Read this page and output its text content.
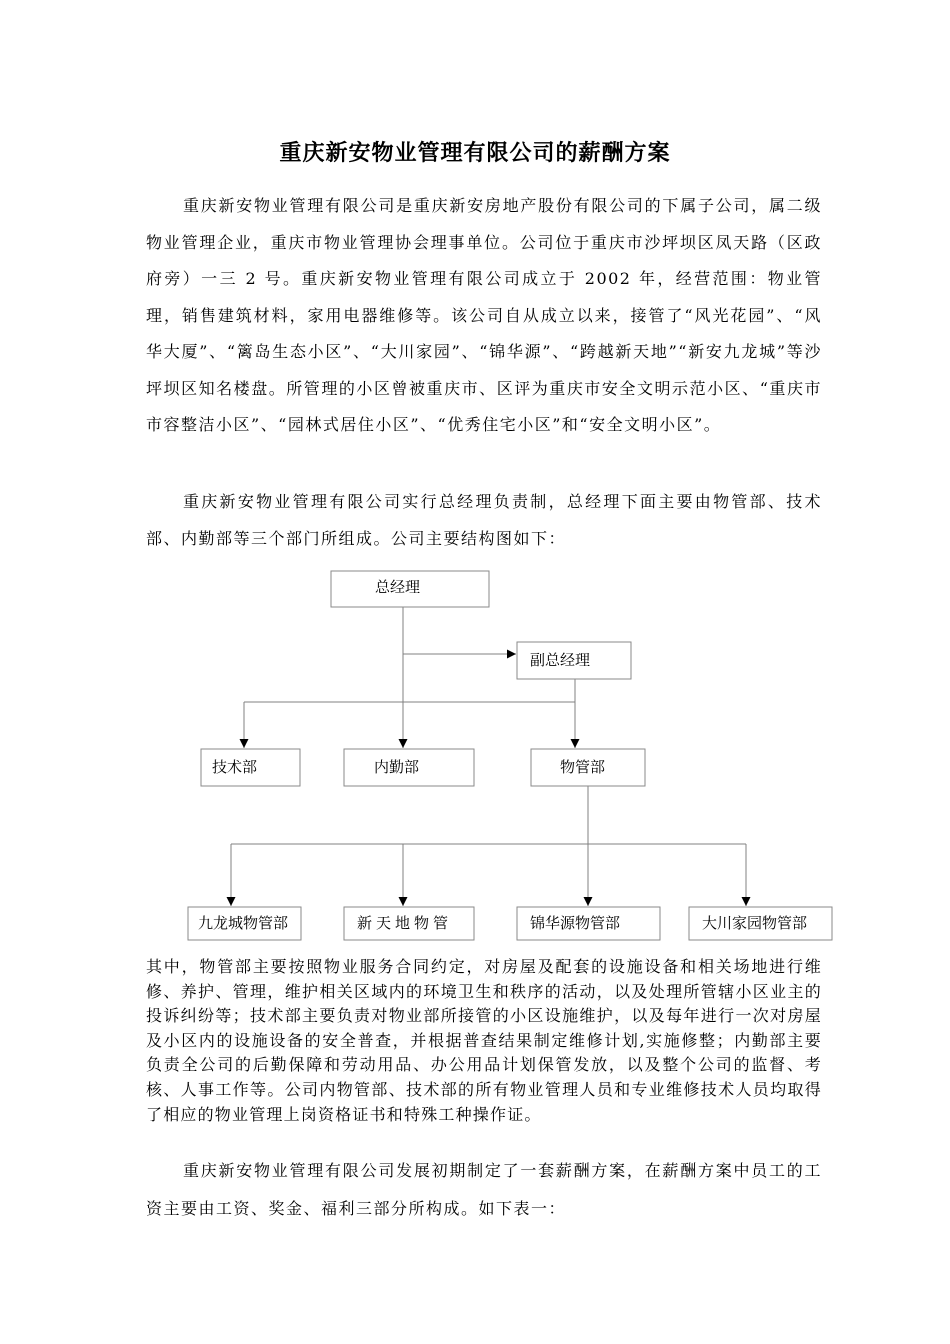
重庆新安物业管理有限公司的薪酬方案

重庆新安物业管理有限公司是重庆新安房地产股份有限公司的下属子公司，属二级物业管理企业，重庆市物业管理协会理事单位。公司位于重庆市沙坪坝区凤天路（区政府旁）一三 2 号。重庆新安物业管理有限公司成立于 2002 年，经营范围：物业管理，销售建筑材料，家用电器维修等。该公司自从成立以来，接管了“风光花园”、“风华大厦”、“篱岛生态小区”、“大川家园”、“锦华源”、“跨越新天地”“新安九龙城”等沙坪坝区知名楼盘。所管理的小区曾被重庆市、区评为重庆市安全文明示范小区、“重庆市市容整洁小区”、“园林式居住小区”、“优秀住宅小区”和“安全文明小区”。

重庆新安物业管理有限公司实行总经理负责制，总经理下面主要由物管部、技术部、内勤部等三个部门所组成。公司主要结构图如下：

总经理
副总经理
技术部	内勤部	物管部
九龙城物管部	新天地物管	锦华源物管部	大川家园物管部

其中，物管部主要按照物业服务合同约定，对房屋及配套的设施设备和相关场地进行维修、养护、管理，维护相关区域内的环境卫生和秩序的活动，以及处理所管辖小区业主的投诉纠纷等；技术部主要负责对物业部所接管的小区设施维护，以及每年进行一次对房屋及小区内的设施设备的安全普查，并根据普查结果制定维修计划,实施修整；内勤部主要负责全公司的后勤保障和劳动用品、办公用品计划保管发放，以及整个公司的监督、考核、人事工作等。公司内物管部、技术部的所有物业管理人员和专业维修技术人员均取得了相应的物业管理上岗资格证书和特殊工种操作证。

重庆新安物业管理有限公司发展初期制定了一套薪酬方案，在薪酬方案中员工的工资主要由工资、奖金、福利三部分所构成。如下表一：
